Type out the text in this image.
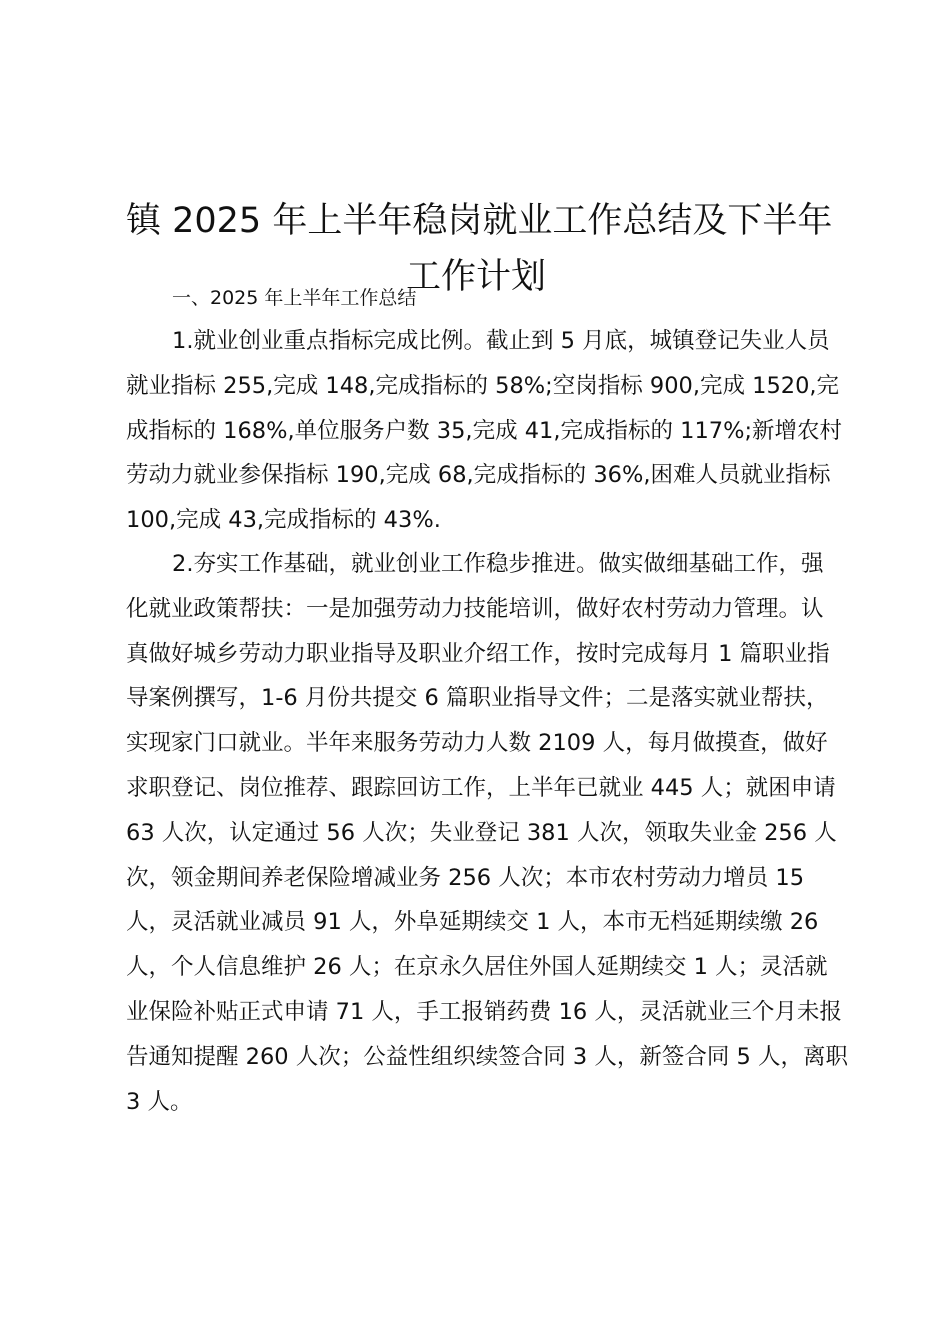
镇 2025 年上半年稳岗就业工作总结及下半年
工作计划
一、2025 年上半年工作总结
1.就业创业重点指标完成比例。截止到 5 月底，城镇登记失业人员
就业指标 255,完成 148,完成指标的 58%;空岗指标 900,完成 1520,完
成指标的 168%,单位服务户数 35,完成 41,完成指标的 117%;新增农村
劳动力就业参保指标 190,完成 68,完成指标的 36%,困难人员就业指标
100,完成 43,完成指标的 43%.
2.夯实工作基础，就业创业工作稳步推进。做实做细基础工作，强
化就业政策帮扶：一是加强劳动力技能培训，做好农村劳动力管理。认
真做好城乡劳动力职业指导及职业介绍工作，按时完成每月 1 篇职业指
导案例撰写，1-6 月份共提交 6 篇职业指导文件；二是落实就业帮扶，
实现家门口就业。半年来服务劳动力人数 2109 人，每月做摸查，做好
求职登记、岗位推荐、跟踪回访工作，上半年已就业 445 人；就困申请
63 人次，认定通过 56 人次；失业登记 381 人次，领取失业金 256 人
次，领金期间养老保险增减业务 256 人次；本市农村劳动力增员 15
人，灵活就业减员 91 人，外阜延期续交 1 人，本市无档延期续缴 26
人，个人信息维护 26 人；在京永久居住外国人延期续交 1 人；灵活就
业保险补贴正式申请 71 人，手工报销药费 16 人，灵活就业三个月未报
告通知提醒 260 人次；公益性组织续签合同 3 人，新签合同 5 人，离职
3 人。
